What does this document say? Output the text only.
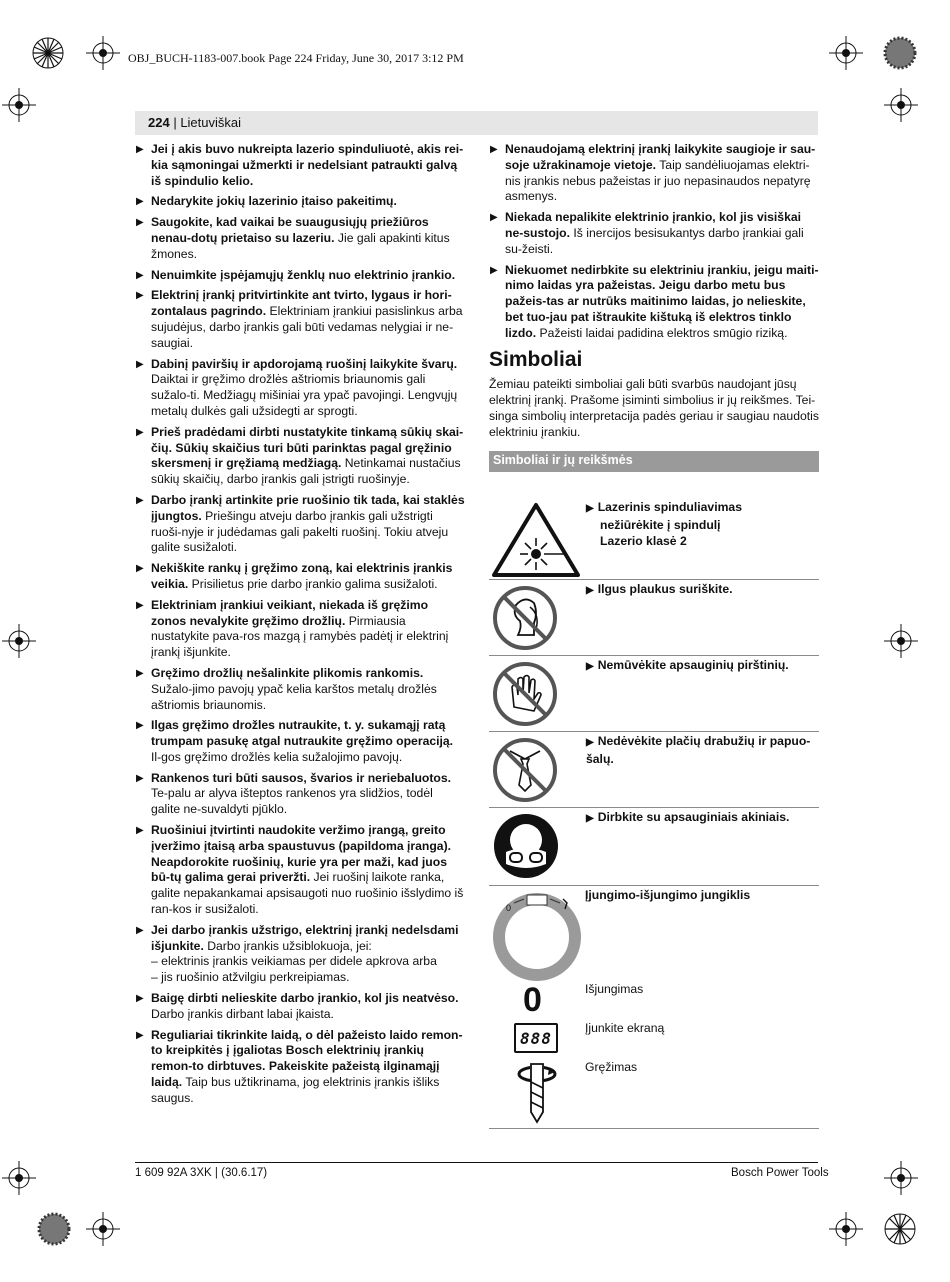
OBJ_BUCH-1183-007.book Page 224 Friday, June 30, 2017 3:12 PM
224 | Lietuviškai
▶ Jei į akis buvo nukreipta lazerio spinduliuotė, akis rei-kia sąmoningai užmerkti ir nedelsiant patraukti galvą iš spindulio kelio.
▶ Nedarykite jokių lazerinio įtaiso pakeitimų.
▶ Saugokite, kad vaikai be suaugusiųjų priežiūros nenau-dotų prietaiso su lazeriu. Jie gali apakinti kitus žmones.
▶ Nenuimkite įspėjamųjų ženklų nuo elektrinio įrankio.
▶ Elektrinį įrankį pritvirtinkite ant tvirto, lygaus ir hori-zontalaus pagrindo. Elektriniam įrankiui pasislinkus arba sujudėjus, darbo įrankis gali būti vedamas nelygiai ir ne-saugiai.
▶ Dabinį paviršių ir apdorojamą ruošinį laikykite švarų. Daiktai ir gręžimo drožlės aštriomis briaunomis gali sužalo-ti. Medžiagų mišiniai yra ypač pavojingi. Lengvųjų metalų dulkės gali užsidegti ar sprogti.
▶ Prieš pradėdami dirbti nustatykite tinkamą sūkių skai-čių. Sūkių skaičius turi būti parinktas pagal gręžinio skersmenį ir gręžiamą medžiagą. Netinkamai nustačius sūkių skaičių, darbo įrankis gali įstrigti ruošinyje.
▶ Darbo įrankį artinkite prie ruošinio tik tada, kai staklės įjungtos. Priešingu atveju darbo įrankis gali užstrigti ruoši-nyje ir judėdamas gali pakelti ruošinį. Tokiu atveju galite susižaloti.
▶ Nekiškite rankų į gręžimo zoną, kai elektrinis įrankis veikia. Prisilietus prie darbo įrankio galima susižaloti.
▶ Elektriniam įrankiui veikiant, niekada iš gręžimo zonos nevalykite gręžimo drožlių. Pirmiausia nustatykite pava-ros mazgą į ramybės padėtį ir elektrinį įrankį išjunkite.
▶ Gręžimo drožlių nešalinkite plikomis rankomis. Sužalo-jimo pavojų ypač kelia karštos metalų drožlės aštriomis briaunomis.
▶ Ilgas gręžimo drožles nutraukite, t. y. sukamąjį ratą trumpam pasukę atgal nutraukite gręžimo operaciją. Il-gos gręžimo drožlės kelia sužalojimo pavojų.
▶ Rankenos turi būti sausos, švarios ir neriebaluotos. Te-palu ar alyva išteptos rankenos yra slidžios, todėl galite ne-suvaldyti pjūklo.
▶ Ruošiniui įtvirtinti naudokite veržimo įrangą, greito įveržimo įtaisą arba spaustuvus (papildoma įranga). Neapdorokite ruošinių, kurie yra per maži, kad juos bū-tų galima gerai priveržti. Jei ruošinį laikote ranka, galite nepakankamai apsisaugoti nuo ruošinio išslydimo iš ran-kos ir susižaloti.
▶ Jei darbo įrankis užstrigo, elektrinį įrankį nedelsdami išjunkite. Darbo įrankis užsiblokuoja, jei:
– elektrinis įrankis veikiamas per didele apkrova arba
– jis ruošinio atžvilgiu perkreipiamas.
▶ Baigę dirbti nelieskite darbo įrankio, kol jis neatvėso. Darbo įrankis dirbant labai įkaista.
▶ Reguliariai tikrinkite laidą, o dėl pažeisto laido remon-to kreipkitės į įgaliotas Bosch elektrinių įrankių remon-to dirbtuves. Pakeiskite pažeistą ilginamąjį laidą. Taip bus užtikrinama, jog elektrinis įrankis išliks saugus.
▶ Nenaudojamą elektrinį įrankį laikykite saugioje ir sau-soje užrakinamoje vietoje. Taip sandėliuojamas elektri-nis įrankis nebus pažeistas ir juo nepasinaudos nepatyrę asmenys.
▶ Niekada nepalikite elektrinio įrankio, kol jis visiškai ne-sustojo. Iš inercijos besisukantys darbo įrankiai gali su-žeisti.
▶ Niekuomet nedirbkite su elektriniu įrankiu, jeigu maiti-nimo laidas yra pažeistas. Jeigu darbo metu bus pažeis-tas ar nutrūks maitinimo laidas, jo nelieskite, bet tuo-jau pat ištraukite kištuką iš elektros tinklo lizdo. Pažeisti laidai padidina elektros smūgio riziką.
Simboliai
Žemiau pateikti simboliai gali būti svarbūs naudojant jūsų elektrinį įrankį. Prašome įsiminti simbolius ir jų reikšmes. Tei-singa simbolių interpretacija padės geriau ir saugiau naudotis elektriniu įrankiu.
Simboliai ir jų reikšmės
▶ Lazerinis spinduliavimas
nežiūrėkite į spindulį
Lazerio klasė 2
▶ Ilgus plaukus suriškite.
▶ Nemūvėkite apsauginių pirštinių.
▶ Nedėvėkite plačių drabužių ir papuo-šalų.
▶ Dirbkite su apsauginiais akiniais.
0
Įjungimo-išjungimo jungiklis
0	Išjungimas
888
Įjunkite ekraną
Gręžimas
1 609 92A 3XK | (30.6.17)	Bosch Power Tools
